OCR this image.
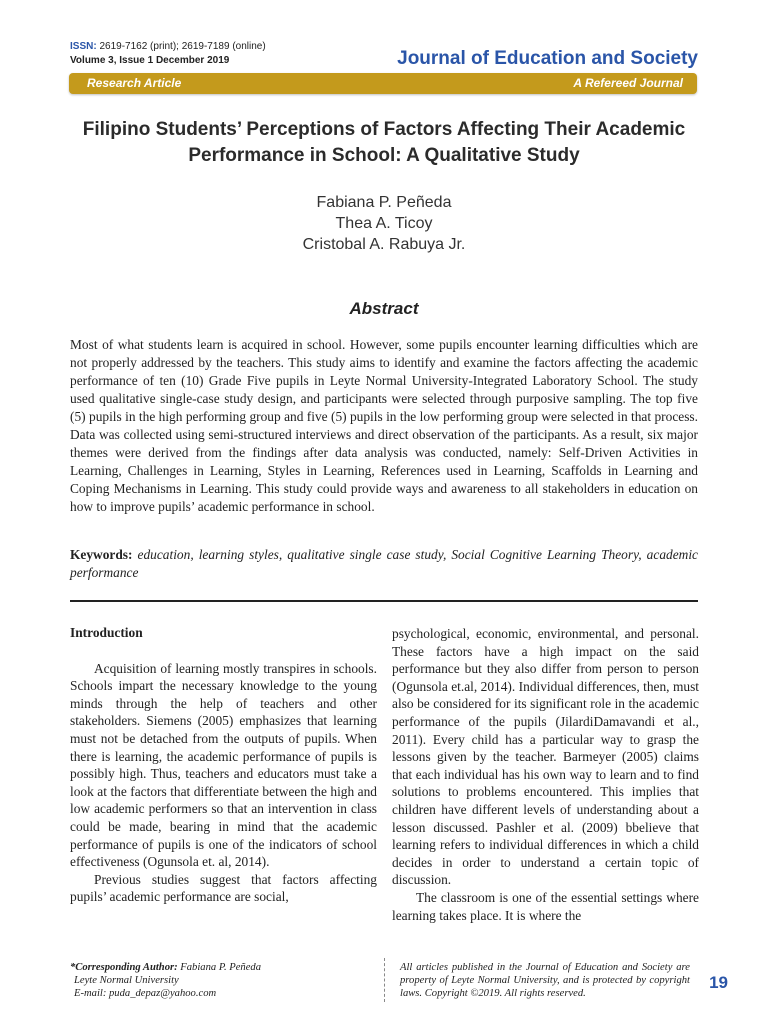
ISSN: 2619-7162 (print); 2619-7189 (online)
Volume 3, Issue 1 December 2019	Journal of Education and Society
Research Article	A Refereed Journal
Filipino Students’ Perceptions of Factors Affecting Their Academic Performance in School: A Qualitative Study
Fabiana P. Peñeda
Thea A. Ticoy
Cristobal A. Rabuya Jr.
Abstract
Most of what students learn is acquired in school. However, some pupils encounter learning difficulties which are not properly addressed by the teachers. This study aims to identify and examine the factors affecting the academic performance of ten (10) Grade Five pupils in Leyte Normal University-Integrated Laboratory School. The study used qualitative single-case study design, and participants were selected through purposive sampling. The top five (5) pupils in the high performing group and five (5) pupils in the low performing group were selected in that process. Data was collected using semi-structured interviews and direct observation of the participants. As a result, six major themes were derived from the findings after data analysis was conducted, namely: Self-Driven Activities in Learning, Challenges in Learning, Styles in Learning, References used in Learning, Scaffolds in Learning and Coping Mechanisms in Learning. This study could provide ways and awareness to all stakeholders in education on how to improve pupils’ academic performance in school.
Keywords: education, learning styles, qualitative single case study, Social Cognitive Learning Theory, academic performance
Introduction

Acquisition of learning mostly transpires in schools. Schools impart the necessary knowledge to the young minds through the help of teachers and other stakeholders. Siemens (2005) emphasizes that learning must not be detached from the outputs of pupils. When there is learning, the academic performance of pupils is possibly high. Thus, teachers and educators must take a look at the factors that differentiate between the high and low academic performers so that an intervention in class could be made, bearing in mind that the academic performance of pupils is one of the indicators of school effectiveness (Ogunsola et. al, 2014).

Previous studies suggest that factors affecting pupils’ academic performance are social,

psychological, economic, environmental, and personal. These factors have a high impact on the said performance but they also differ from person to person (Ogunsola et.al, 2014). Individual differences, then, must also be considered for its significant role in the academic performance of the pupils (JilardiDamavandi et al., 2011). Every child has a particular way to grasp the lessons given by the teacher. Barmeyer (2005) claims that each individual has his own way to learn and to find solutions to problems encountered. This implies that children have different levels of understanding about a lesson discussed. Pashler et al. (2009) bbelieve that learning refers to individual differences in which a child decides in order to understand a certain topic of discussion.

The classroom is one of the essential settings where learning takes place. It is where the

*Corresponding Author: Fabiana P. Peñeda
Leyte Normal University
E-mail: puda_depaz@yahoo.com
All articles published in the Journal of Education and Society are property of Leyte Normal University, and is protected by copyright laws. Copyright ©2019. All rights reserved.
19
